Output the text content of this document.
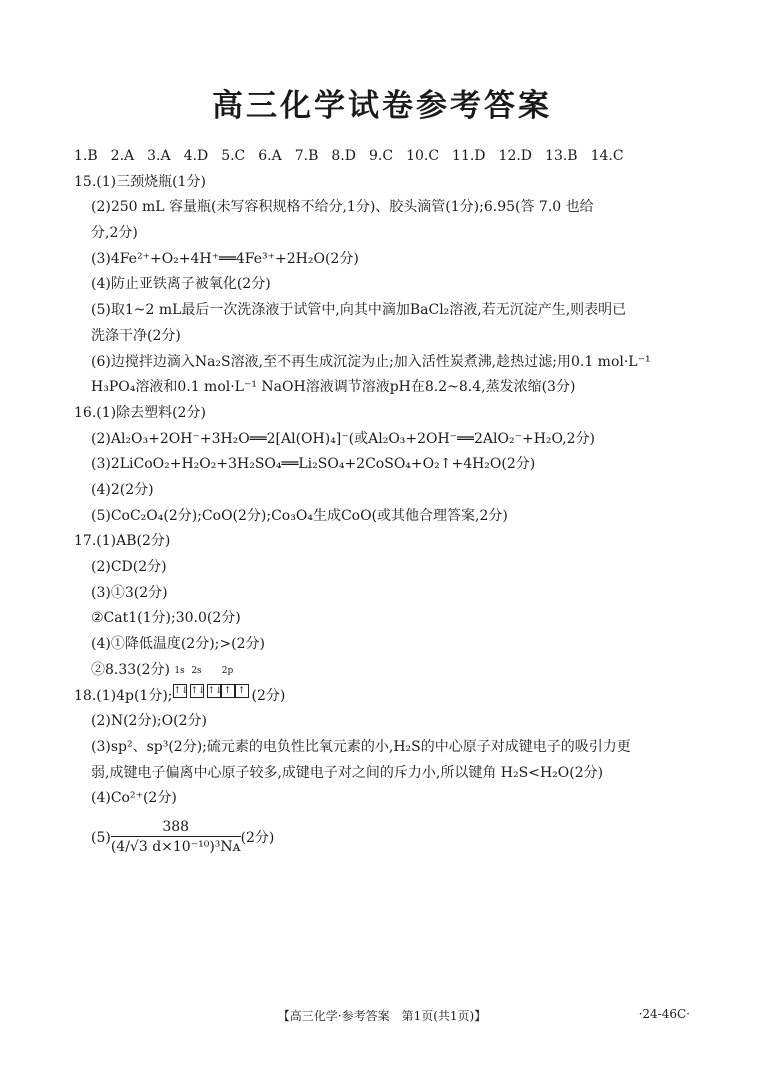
高三化学试卷参考答案
1.B 2.A 3.A 4.D 5.C 6.A 7.B 8.D 9.C 10.C 11.D 12.D 13.B 14.C
15.(1)三颈烧瓶(1分)
(2)250 mL 容量瓶(未写容积规格不给分,1分)、胶头滴管(1分);6.95(答 7.0 也给
分,2分)
(3)4Fe²⁺+O₂+4H⁺══4Fe³⁺+2H₂O(2分)
(4)防止亚铁离子被氧化(2分)
(5)取1~2 mL最后一次洗涤液于试管中,向其中滴加BaCl₂溶液,若无沉淀产生,则表明已
洗涤干净(2分)
(6)边搅拌边滴入Na₂S溶液,至不再生成沉淀为止;加入活性炭煮沸,趁热过滤;用0.1 mol·L⁻¹
H₃PO₄溶液和0.1 mol·L⁻¹ NaOH溶液调节溶液pH在8.2~8.4,蒸发浓缩(3分)
16.(1)除去塑料(2分)
(2)Al₂O₃+2OH⁻+3H₂O══2[Al(OH)₄]⁻(或Al₂O₃+2OH⁻══2AlO₂⁻+H₂O,2分)
(3)2LiCoO₂+H₂O₂+3H₂SO₄══Li₂SO₄+2CoSO₄+O₂↑+4H₂O(2分)
(4)2(2分)
(5)CoC₂O₄(2分);CoO(2分);Co₃O₄生成CoO(或其他合理答案,2分)
17.(1)AB(2分)
(2)CD(2分)
(3)①3(2分)
②Cat1(1分);30.0(2分)
(4)①降低温度(2分);>(2分)
②8.33(2分)
18.(1)4p(1分);
1s
↑↓
2s
↑↓
2p
↑↓↑ ↑ (2分)
(2)N(2分);O(2分)
(3)sp²、sp³(2分);硫元素的电负性比氧元素的小,H₂S的中心原子对成键电子的吸引力更
弱,成键电子偏离中心原子较多,成键电子对之间的斥力小,所以键角 H₂S<H₂O(2分)
(4)Co²⁺(2分)
$(5) \frac{388}{\text{(4/√3 d×10⁻¹⁰)³Nᴀ}} (2$分)
【高三化学·参考答案　第1页(共1页)】	·24-46C·
